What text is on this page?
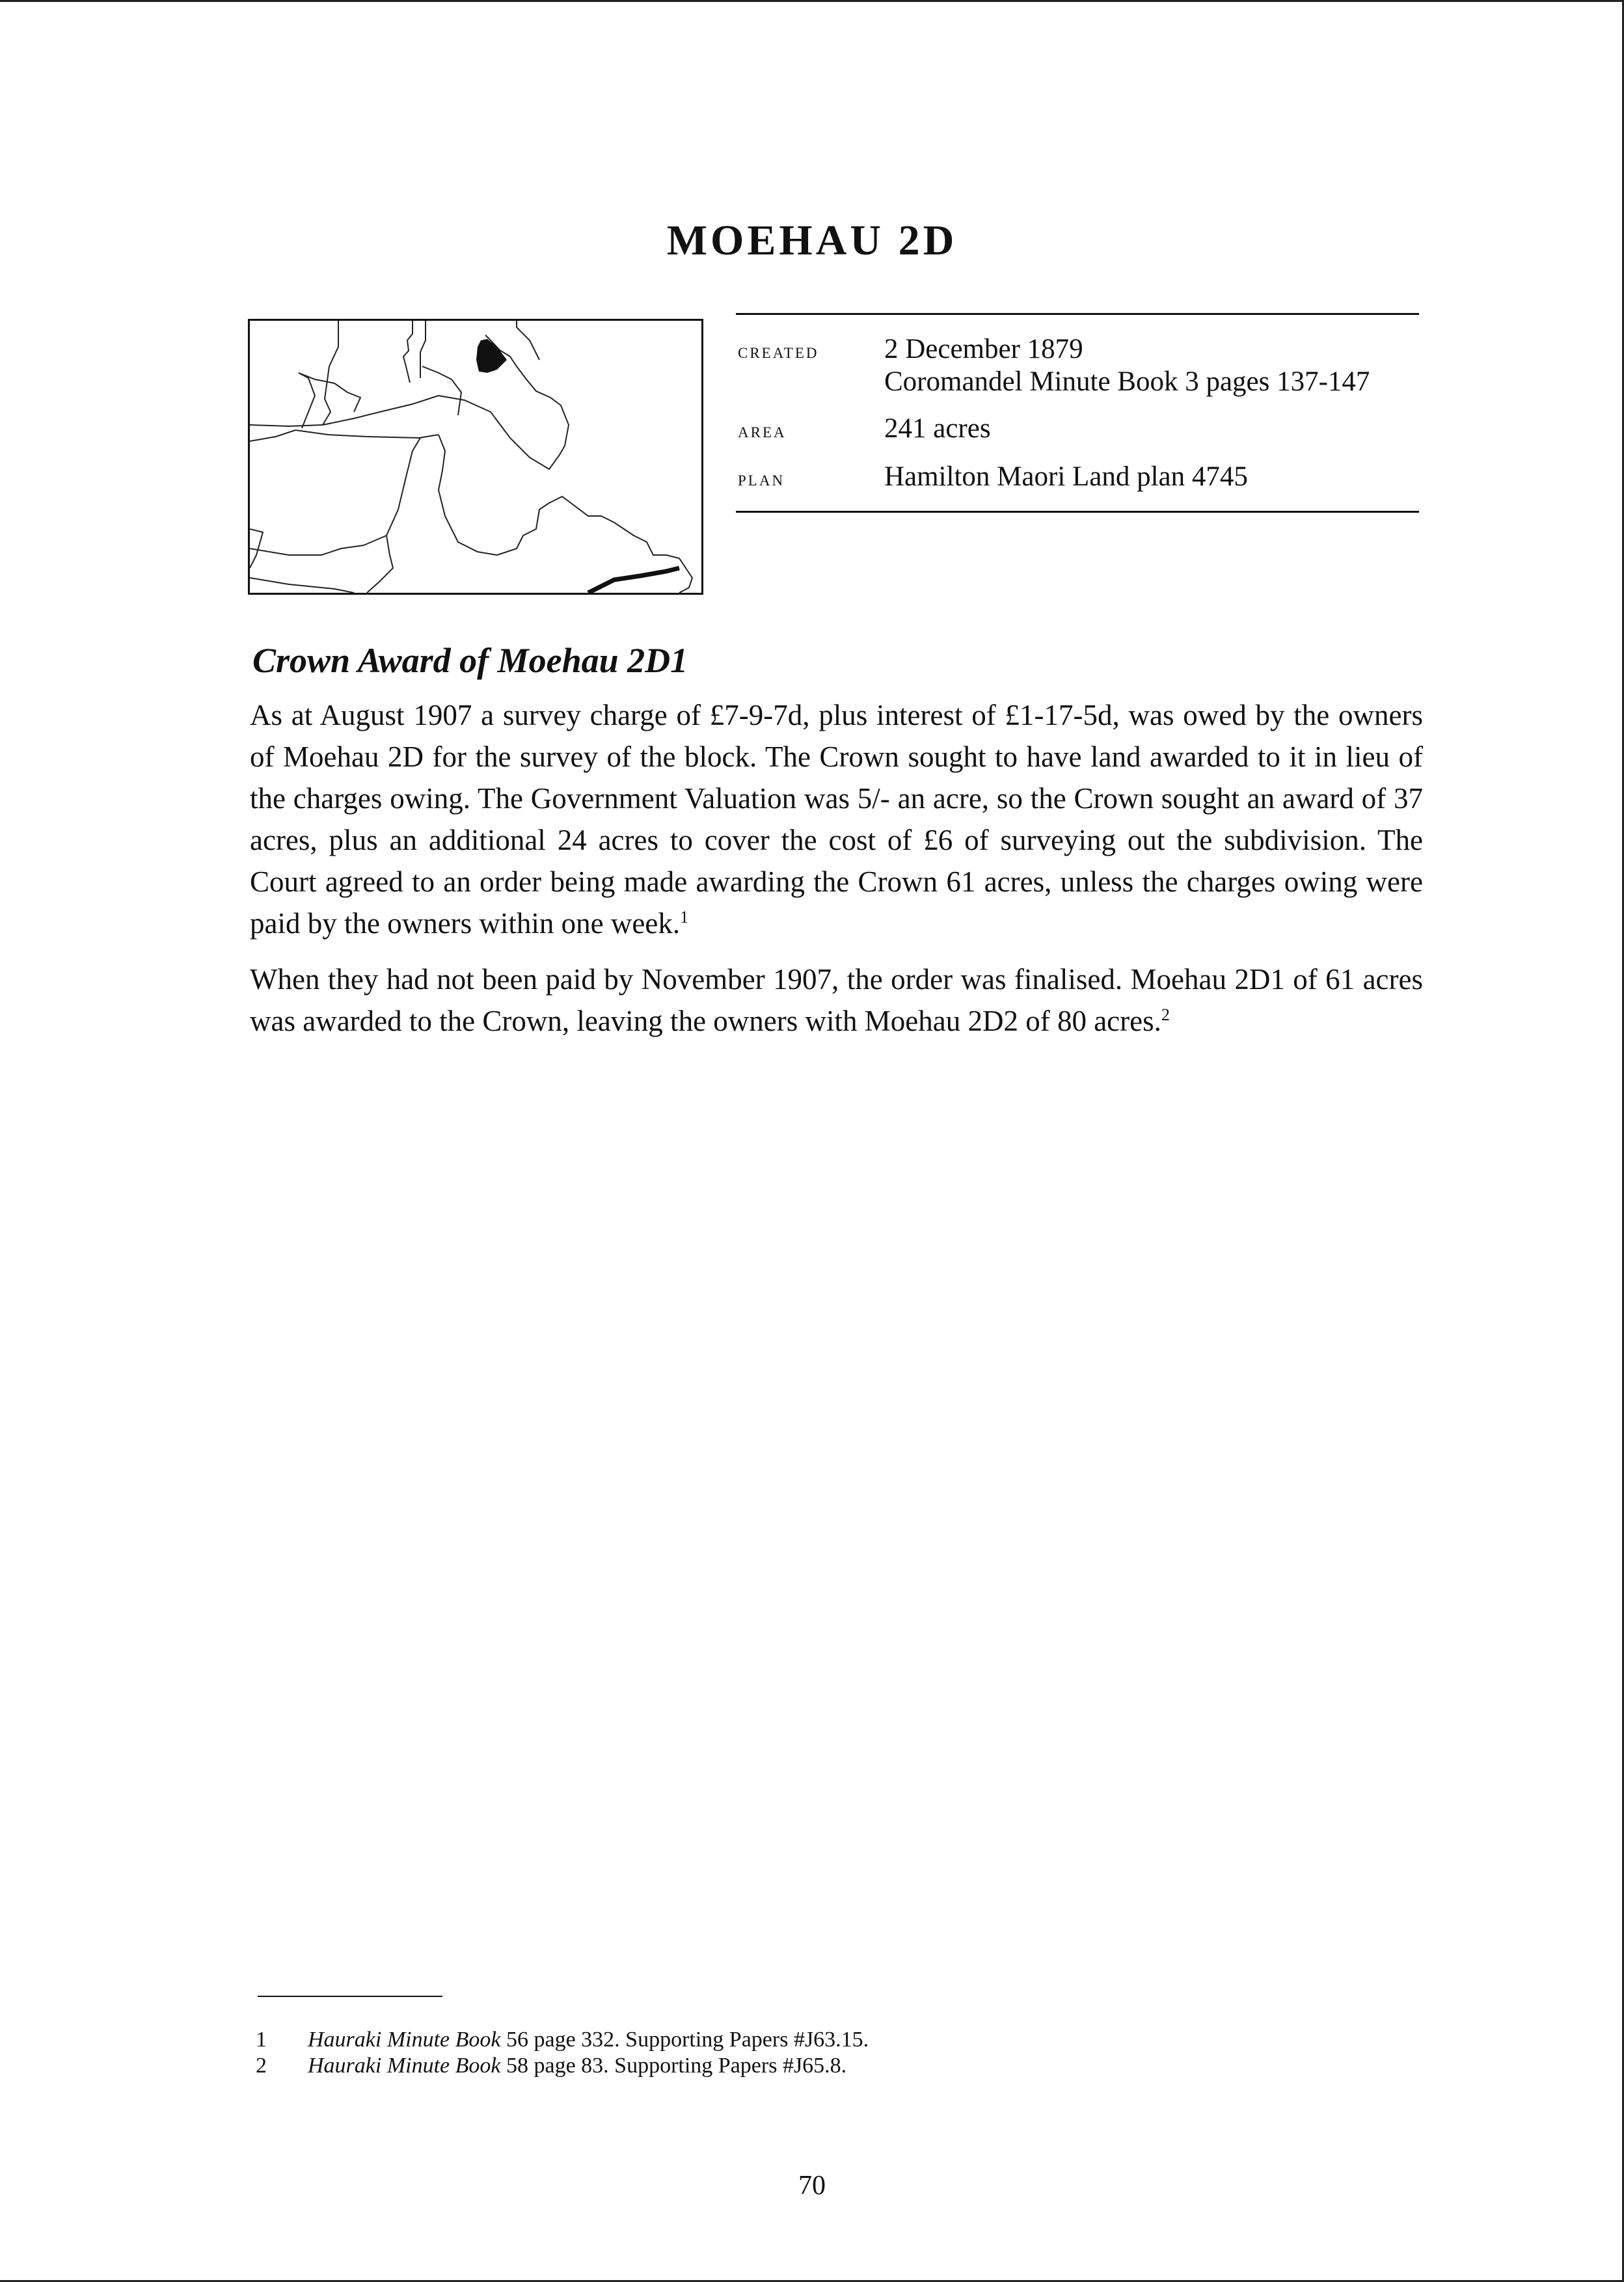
MOEHAU 2D
created 2 December 1879
Coromandel Minute Book 3 pages 137-147
area	241 acres
plan	Hamilton Maori Land plan 4745
Crown Award of Moehau 2D1
As at August 1907 a survey charge of £7-9-7d, plus interest of £1-17-5d, was owed by the owners of Moehau 2D for the survey of the block. The Crown sought to have land awarded to it in lieu of the charges owing. The Government Valuation was 5/- an acre, so the Crown sought an award of 37 acres, plus an additional 24 acres to cover the cost of £6 of surveying out the subdivision. The Court agreed to an order being made awarding the Crown 61 acres, unless the charges owing were paid by the owners within one week.$^1$
When they had not been paid by November 1907, the order was finalised. Moehau 2D1 of 61 acres was awarded to the Crown, leaving the owners with Moehau 2D2 of 80 acres.$^2$
1 Hauraki Minute Book 56 page 332. Supporting Papers #J63.15.
2 Hauraki Minute Book 58 page 83. Supporting Papers #J65.8.
70
